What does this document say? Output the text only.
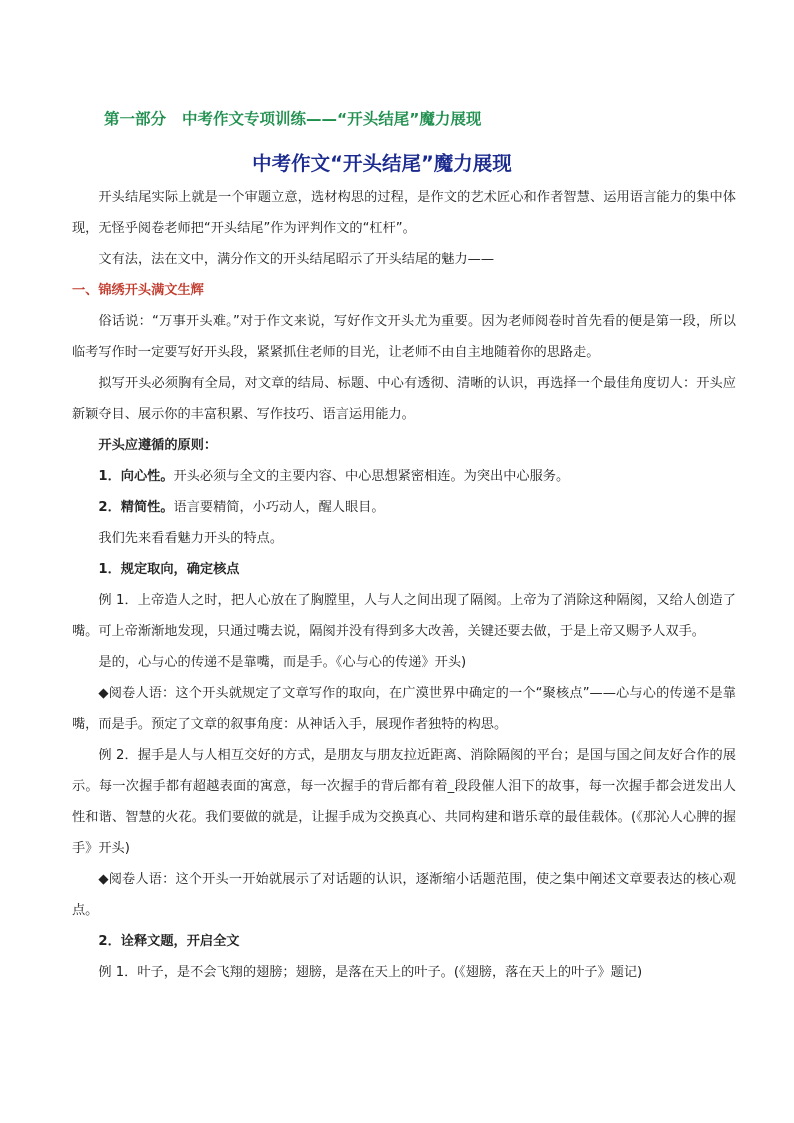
第一部分 中考作文专项训练——“开头结尾”魔力展现
中考作文“开头结尾”魔力展现

开头结尾实际上就是一个审题立意，选材构思的过程，是作文的艺术匠心和作者智慧、运用语言能力的集中体现，无怪乎阅卷老师把“开头结尾”作为评判作文的“杠杆”。

文有法，法在文中，满分作文的开头结尾昭示了开头结尾的魅力——

一、锦绣开头满文生辉

俗话说：“万事开头难。”对于作文来说，写好作文开头尤为重要。因为老师阅卷时首先看的便是第一段，所以临考写作时一定要写好开头段，紧紧抓住老师的目光，让老师不由自主地随着你的思路走。

拟写开头必须胸有全局，对文章的结局、标题、中心有透彻、清晰的认识，再选择一个最佳角度切人：开头应新颖夺目、展示你的丰富积累、写作技巧、语言运用能力。

开头应遵循的原则：

1．向心性。开头必须与全文的主要内容、中心思想紧密相连。为突出中心服务。

2．精简性。语言要精简，小巧动人，醒人眼目。

我们先来看看魅力开头的特点。

1．规定取向，确定核点

例 1．上帝造人之时，把人心放在了胸膛里，人与人之间出现了隔阂。上帝为了消除这种隔阂，又给人创造了嘴。可上帝渐渐地发现，只通过嘴去说，隔阂并没有得到多大改善，关键还要去做，于是上帝又赐予人双手。

是的，心与心的传递不是靠嘴，而是手。《心与心的传递》开头)

◆阅卷人语：这个开头就规定了文章写作的取向，在广漠世界中确定的一个“聚核点”——心与心的传递不是靠嘴，而是手。预定了文章的叙事角度：从神话入手，展现作者独特的构思。

例 2．握手是人与人相互交好的方式，是朋友与朋友拉近距离、消除隔阂的平台；是国与国之间友好合作的展示。每一次握手都有超越表面的寓意，每一次握手的背后都有着_段段催人泪下的故事，每一次握手都会迸发出人性和谐、智慧的火花。我们要做的就是，让握手成为交换真心、共同构建和谐乐章的最佳载体。(《那沁人心脾的握手》开头)

◆阅卷人语：这个开头一开始就展示了对话题的认识，逐渐缩小话题范围，使之集中阐述文章要表达的核心观点。

2．诠释文题，开启全文

例 1．叶子，是不会飞翔的翅膀；翅膀，是落在天上的叶子。(《翅膀，落在天上的叶子》题记)
